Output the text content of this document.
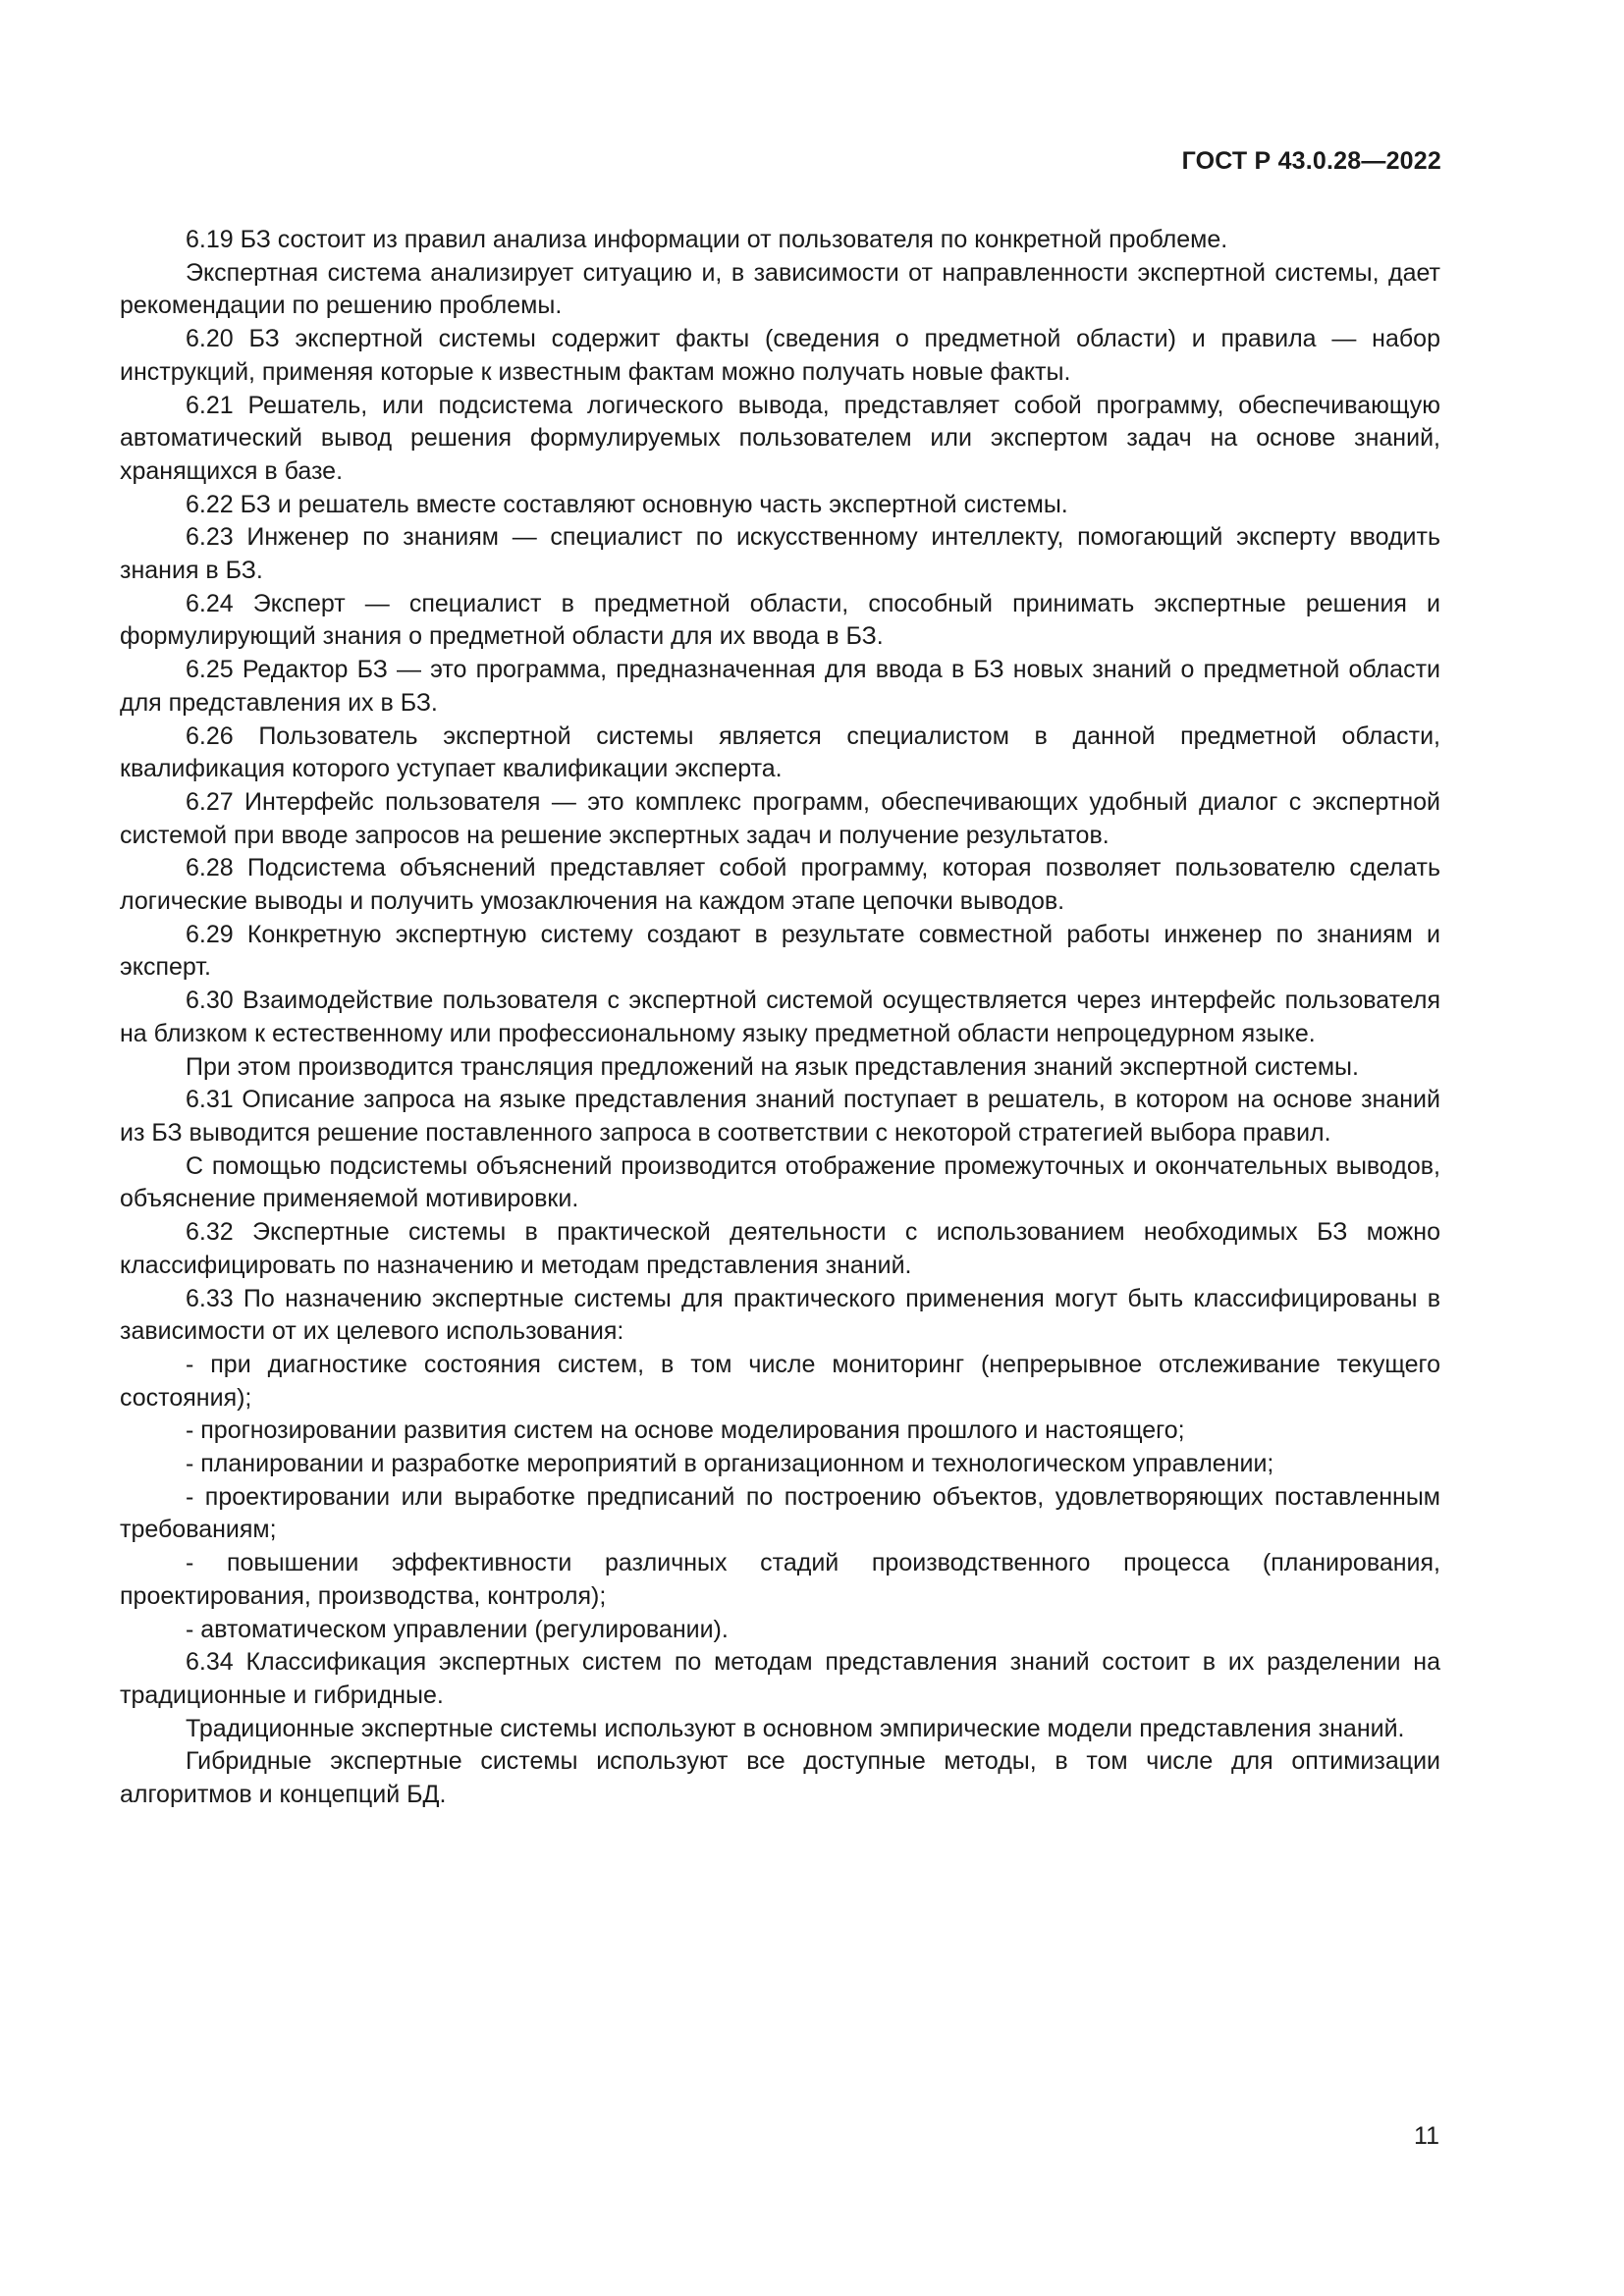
ГОСТ Р 43.0.28—2022

6.19 БЗ состоит из правил анализа информации от пользователя по конкретной проблеме.

Экспертная система анализирует ситуацию и, в зависимости от направленности экспертной системы, дает рекомендации по решению проблемы.

6.20 БЗ экспертной системы содержит факты (сведения о предметной области) и правила — набор инструкций, применяя которые к известным фактам можно получать новые факты.

6.21 Решатель, или подсистема логического вывода, представляет собой программу, обеспечивающую автоматический вывод решения формулируемых пользователем или экспертом задач на основе знаний, хранящихся в базе.

6.22 БЗ и решатель вместе составляют основную часть экспертной системы.

6.23 Инженер по знаниям — специалист по искусственному интеллекту, помогающий эксперту вводить знания в БЗ.

6.24 Эксперт — специалист в предметной области, способный принимать экспертные решения и формулирующий знания о предметной области для их ввода в БЗ.

6.25 Редактор БЗ — это программа, предназначенная для ввода в БЗ новых знаний о предметной области для представления их в БЗ.

6.26 Пользователь экспертной системы является специалистом в данной предметной области, квалификация которого уступает квалификации эксперта.

6.27 Интерфейс пользователя — это комплекс программ, обеспечивающих удобный диалог с экспертной системой при вводе запросов на решение экспертных задач и получение результатов.

6.28 Подсистема объяснений представляет собой программу, которая позволяет пользователю сделать логические выводы и получить умозаключения на каждом этапе цепочки выводов.

6.29 Конкретную экспертную систему создают в результате совместной работы инженер по знаниям и эксперт.

6.30 Взаимодействие пользователя с экспертной системой осуществляется через интерфейс пользователя на близком к естественному или профессиональному языку предметной области непроцедурном языке.

При этом производится трансляция предложений на язык представления знаний экспертной системы.

6.31 Описание запроса на языке представления знаний поступает в решатель, в котором на основе знаний из БЗ выводится решение поставленного запроса в соответствии с некоторой стратегией выбора правил.

С помощью подсистемы объяснений производится отображение промежуточных и окончательных выводов, объяснение применяемой мотивировки.

6.32 Экспертные системы в практической деятельности с использованием необходимых БЗ можно классифицировать по назначению и методам представления знаний.

6.33 По назначению экспертные системы для практического применения могут быть классифицированы в зависимости от их целевого использования:

- при диагностике состояния систем, в том числе мониторинг (непрерывное отслеживание текущего состояния);

- прогнозировании развития систем на основе моделирования прошлого и настоящего;

- планировании и разработке мероприятий в организационном и технологическом управлении;

- проектировании или выработке предписаний по построению объектов, удовлетворяющих поставленным требованиям;

- повышении эффективности различных стадий производственного процесса (планирования, проектирования, производства, контроля);

- автоматическом управлении (регулировании).

6.34 Классификация экспертных систем по методам представления знаний состоит в их разделении на традиционные и гибридные.

Традиционные экспертные системы используют в основном эмпирические модели представления знаний.

Гибридные экспертные системы используют все доступные методы, в том числе для оптимизации алгоритмов и концепций БД.

11
